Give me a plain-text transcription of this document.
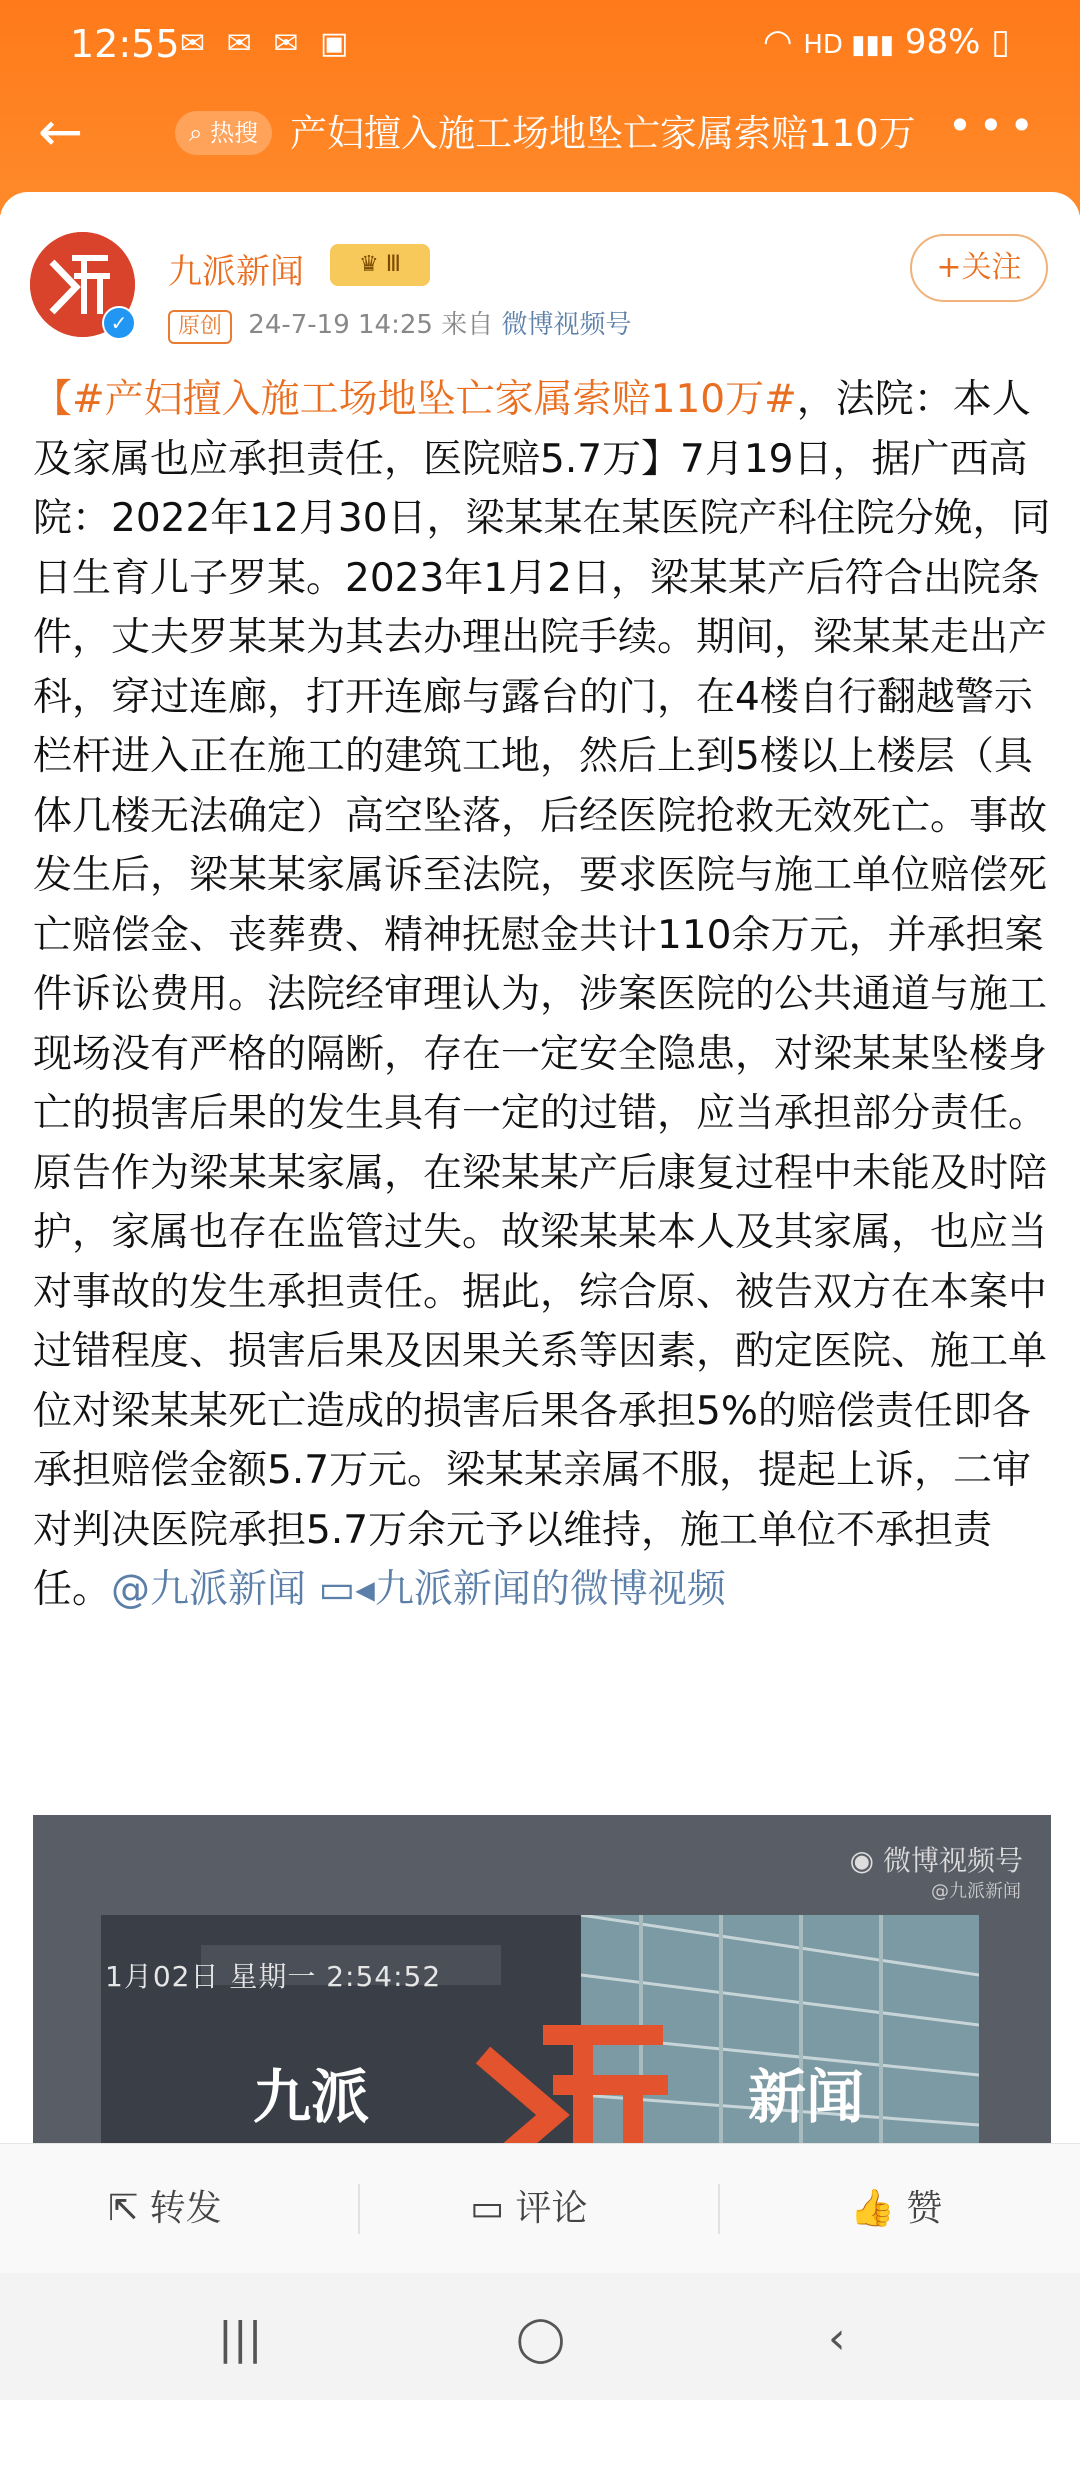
12:55 ✉ ✉ ✉ ▣	◠ HD ▮▮▮ 98% ▯
←	⌕ 热搜 产妇擅入施工场地坠亡家属索赔110万 •••
✓
九派新闻	♛ Ⅲ
原创 24-7-19 14:25 来自 微博视频号
+关注
【#产妇擅入施工场地坠亡家属索赔110万#，法院：本人及家属也应承担责任，医院赔5.7万】7月19日，据广西高院：2022年12月30日，梁某某在某医院产科住院分娩，同日生育儿子罗某。2023年1月2日，梁某某产后符合出院条件，丈夫罗某某为其去办理出院手续。期间，梁某某走出产科，穿过连廊，打开连廊与露台的门，在4楼自行翻越警示栏杆进入正在施工的建筑工地，然后上到5楼以上楼层（具体几楼无法确定）高空坠落，后经医院抢救无效死亡。事故发生后，梁某某家属诉至法院，要求医院与施工单位赔偿死亡赔偿金、丧葬费、精神抚慰金共计110余万元，并承担案件诉讼费用。法院经审理认为，涉案医院的公共通道与施工现场没有严格的隔断，存在一定安全隐患，对梁某某坠楼身亡的损害后果的发生具有一定的过错，应当承担部分责任。原告作为梁某某家属，在梁某某产后康复过程中未能及时陪护，家属也存在监管过失。故梁某某本人及其家属，也应当对事故的发生承担责任。据此，综合原、被告双方在本案中过错程度、损害后果及因果关系等因素，酌定医院、施工单位对梁某某死亡造成的损害后果各承担5%的赔偿责任即各承担赔偿金额5.7万元。梁某某亲属不服，提起上诉，二审对判决医院承担5.7万余元予以维持，施工单位不承担责任。@九派新闻 ▭◂九派新闻的微博视频
◉ 微博视频号
@九派新闻
1月02日 星期一 2:54:52
九派	新闻
⇱ 转发	▭ 评论	👍 赞
|||	◯	‹
